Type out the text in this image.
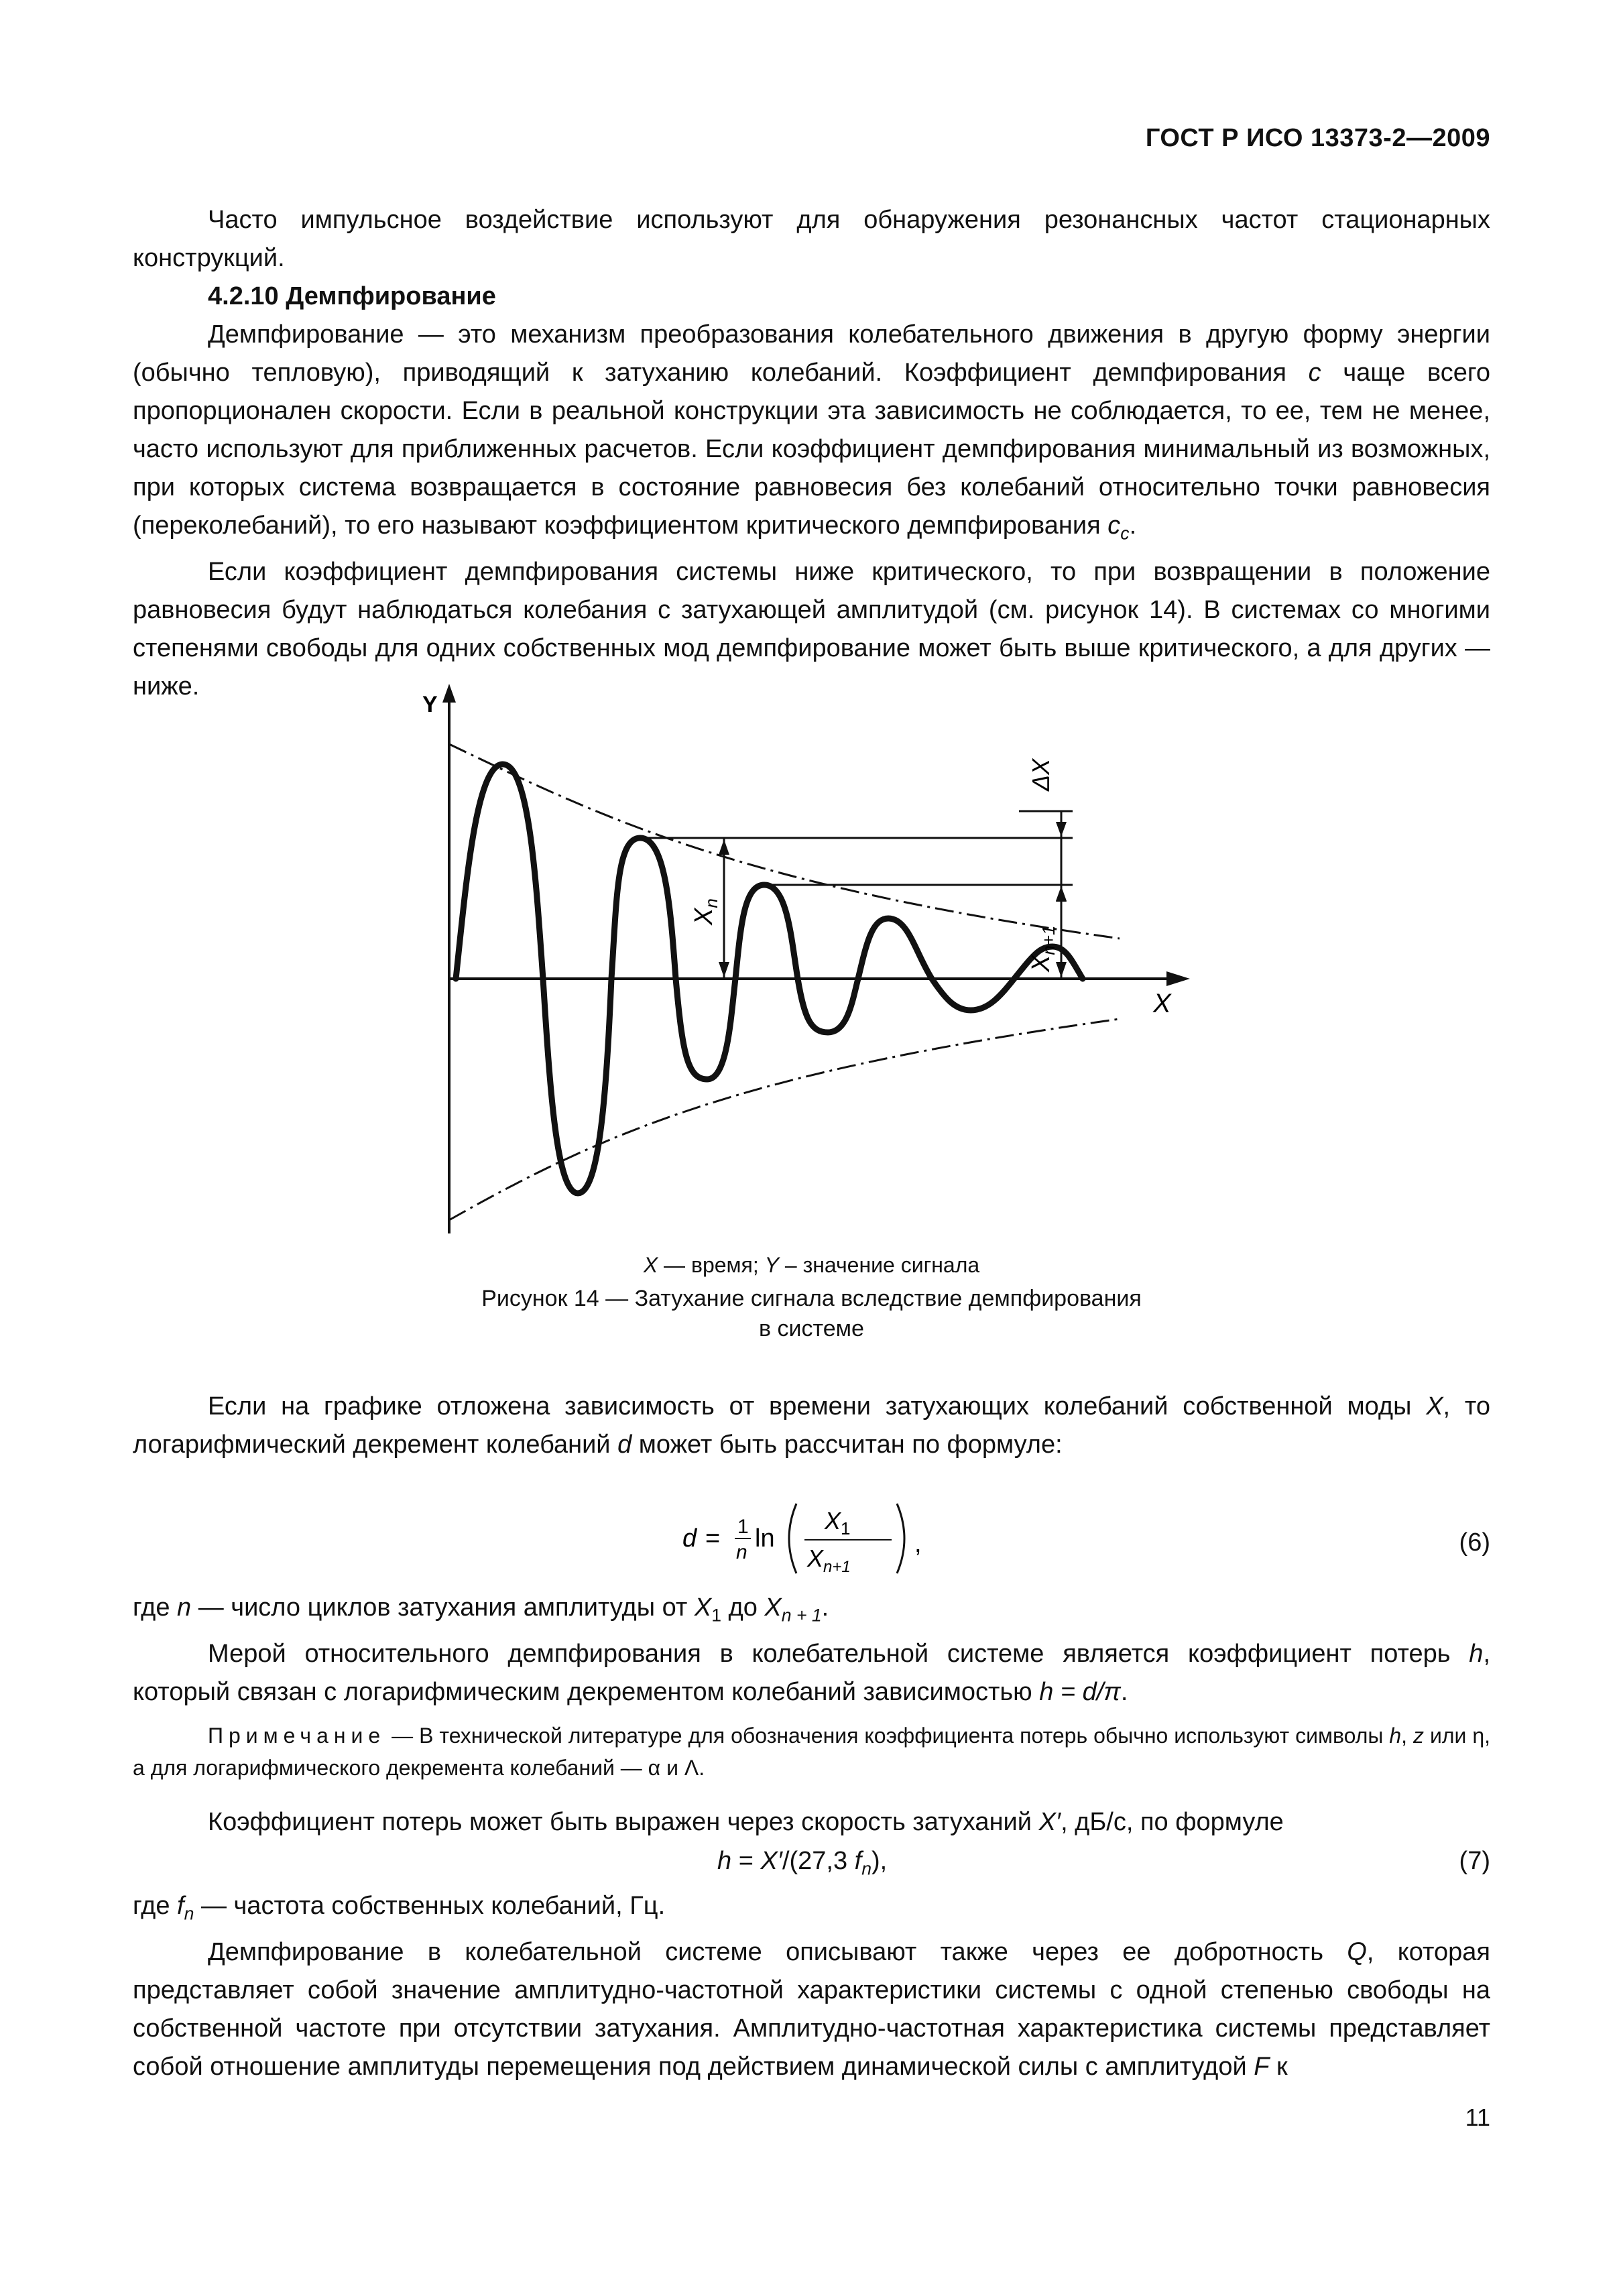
ГОСТ Р ИСО 13373-2—2009

Часто импульсное воздействие используют для обнаружения резонансных частот стационарных конструкций.

4.2.10 Демпфирование

Демпфирование — это механизм преобразования колебательного движения в другую форму энергии (обычно тепловую), приводящий к затуханию колебаний. Коэффициент демпфирования c чаще всего пропорционален скорости. Если в реальной конструкции эта зависимость не соблюдается, то ее, тем не менее, часто используют для приближенных расчетов. Если коэффициент демпфирования минимальный из возможных, при которых система возвращается в состояние равновесия без колебаний относительно точки равновесия (переколебаний), то его называют коэффициентом критического демпфирования $c_c$.

Если коэффициент демпфирования системы ниже критического, то при возвращении в положение равновесия будут наблюдаться колебания с затухающей амплитудой (см. рисунок 14). В системах со многими степенями свободы для одних собственных мод демпфирование может быть выше критического, а для других — ниже.

Y
X
$X_n$
$X_{n+1}$
ΔX
X — время; Y – значение сигнала
Рисунок 14 — Затухание сигнала вследствие демпфирования
в системе

Если на графике отложена зависимость от времени затухающих колебаний собственной моды X, то логарифмический декремент колебаний d может быть рассчитан по формуле:

d = 1
n ln
$X_1$
$X_{n+1}$
,	(6)

где n — число циклов затухания амплитуды от $X_1$ до $X_{n + 1}$.

Мерой относительного демпфирования в колебательной системе является коэффициент потерь h, который связан с логарифмическим декрементом колебаний зависимостью h = d/π.

Примечание — В технической литературе для обозначения коэффициента потерь обычно используют символы h, z или η, а для логарифмического декремента колебаний — α и Λ.

Коэффициент потерь может быть выражен через скорость затуханий X′, дБ/с, по формуле

h = X′/(27,3 $f_n$),	(7)

где $f_n$ — частота собственных колебаний, Гц.

Демпфирование в колебательной системе описывают также через ее добротность Q, которая представляет собой значение амплитудно-частотной характеристики системы с одной степенью свободы на собственной частоте при отсутствии затухания. Амплитудно-частотная характеристика системы представляет собой отношение амплитуды перемещения под действием динамической силы с амплитудой F к

11
